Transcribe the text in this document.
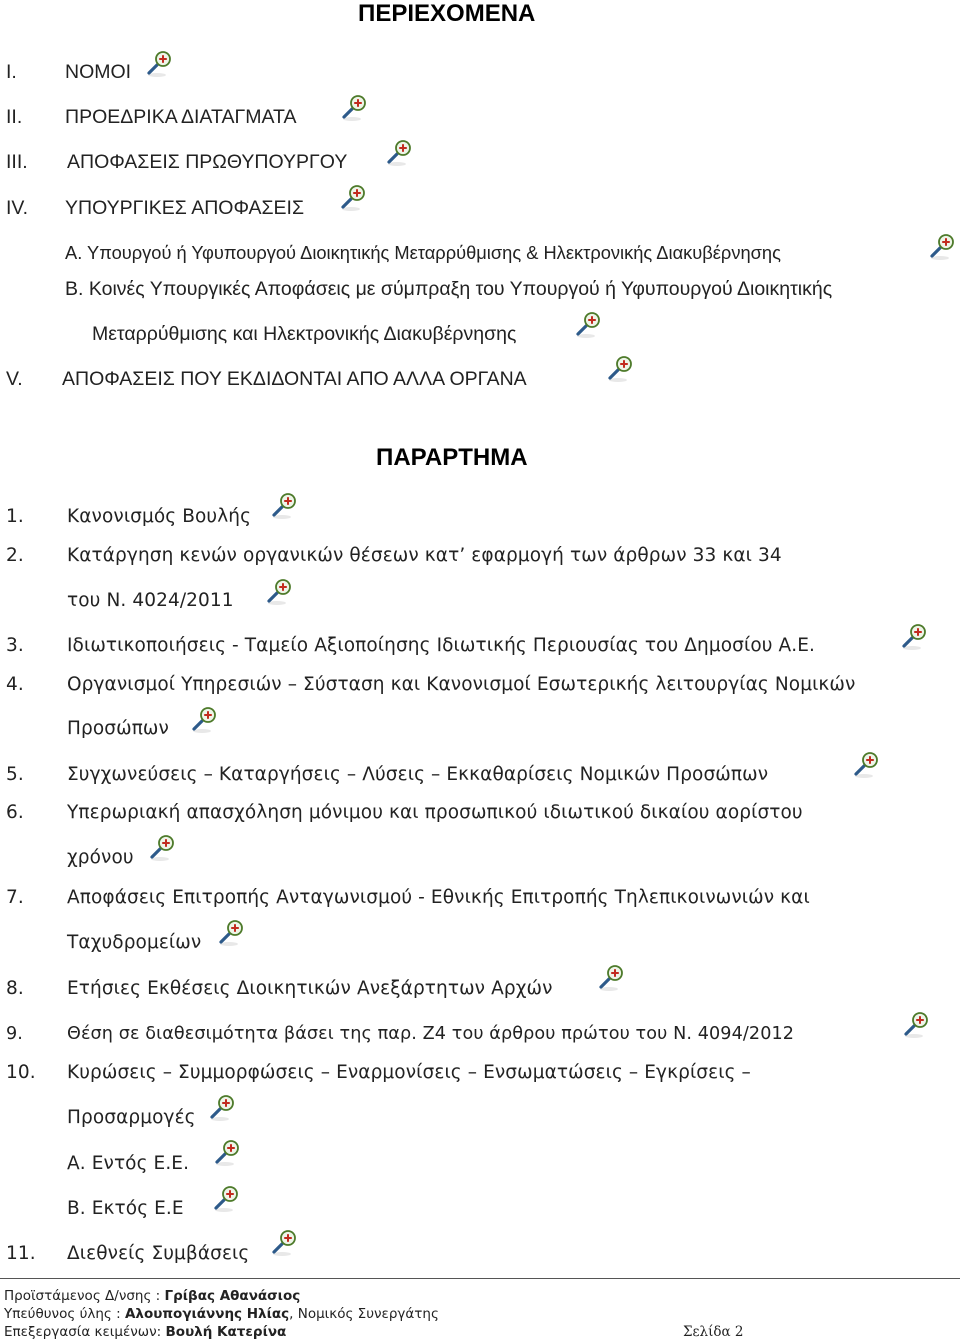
ΠΕΡΙΕΧΟΜΕΝΑ
I. ΝΟΜΟΙ
II. ΠΡΟΕΔΡΙΚΑ ΔΙΑΤΑΓΜΑΤΑ
III. ΑΠΟΦΑΣΕΙΣ ΠΡΩΘΥΠΟΥΡΓΟΥ
IV. ΥΠΟΥΡΓΙΚΕΣ ΑΠΟΦΑΣΕΙΣ
Α. Υπουργού ή Υφυπουργού Διοικητικής Μεταρρύθμισης & Ηλεκτρονικής Διακυβέρνησης
Β. Κοινές Υπουργικές Αποφάσεις με σύμπραξη του Υπουργού ή Υφυπουργού Διοικητικής
Μεταρρύθμισης και Ηλεκτρονικής Διακυβέρνησης
V. ΑΠΟΦΑΣΕΙΣ ΠΟΥ ΕΚΔΙΔΟΝΤΑΙ ΑΠΟ ΑΛΛΑ ΟΡΓΑΝΑ
ΠΑΡΑΡΤΗΜΑ
1. Κανονισμός Βουλής
2. Κατάργηση κενών οργανικών θέσεων κατ’ εφαρμογή των άρθρων 33 και 34
του Ν. 4024/2011
3. Ιδιωτικοποιήσεις - Ταμείο Αξιοποίησης Ιδιωτικής Περιουσίας του Δημοσίου Α.Ε.
4. Οργανισμοί Υπηρεσιών – Σύσταση και Κανονισμοί Εσωτερικής λειτουργίας Νομικών
Προσώπων
5. Συγχωνεύσεις – Καταργήσεις – Λύσεις – Εκκαθαρίσεις Νομικών Προσώπων
6. Υπερωριακή απασχόληση μόνιμου και προσωπικού ιδιωτικού δικαίου αορίστου
χρόνου
7. Αποφάσεις Επιτροπής Ανταγωνισμού - Εθνικής Επιτροπής Τηλεπικοινωνιών και
Ταχυδρομείων
8. Ετήσιες Εκθέσεις Διοικητικών Ανεξάρτητων Αρχών
9.	Θέση σε διαθεσιμότητα βάσει της παρ. Ζ4 του άρθρου πρώτου του Ν. 4094/2012
10. Κυρώσεις – Συμμορφώσεις – Εναρμονίσεις – Ενσωματώσεις – Εγκρίσεις –
Προσαρμογές
Α. Εντός Ε.Ε.
Β. Εκτός Ε.Ε
11. Διεθνείς Συμβάσεις
Προϊστάμενος Δ/νσης : Γρίβας Αθανάσιος
Υπεύθυνος ύλης : Αλουπογιάννης Ηλίας, Νομικός Συνεργάτης
Επεξεργασία κειμένων: Βουλή Κατερίνα	Σελίδα 2
